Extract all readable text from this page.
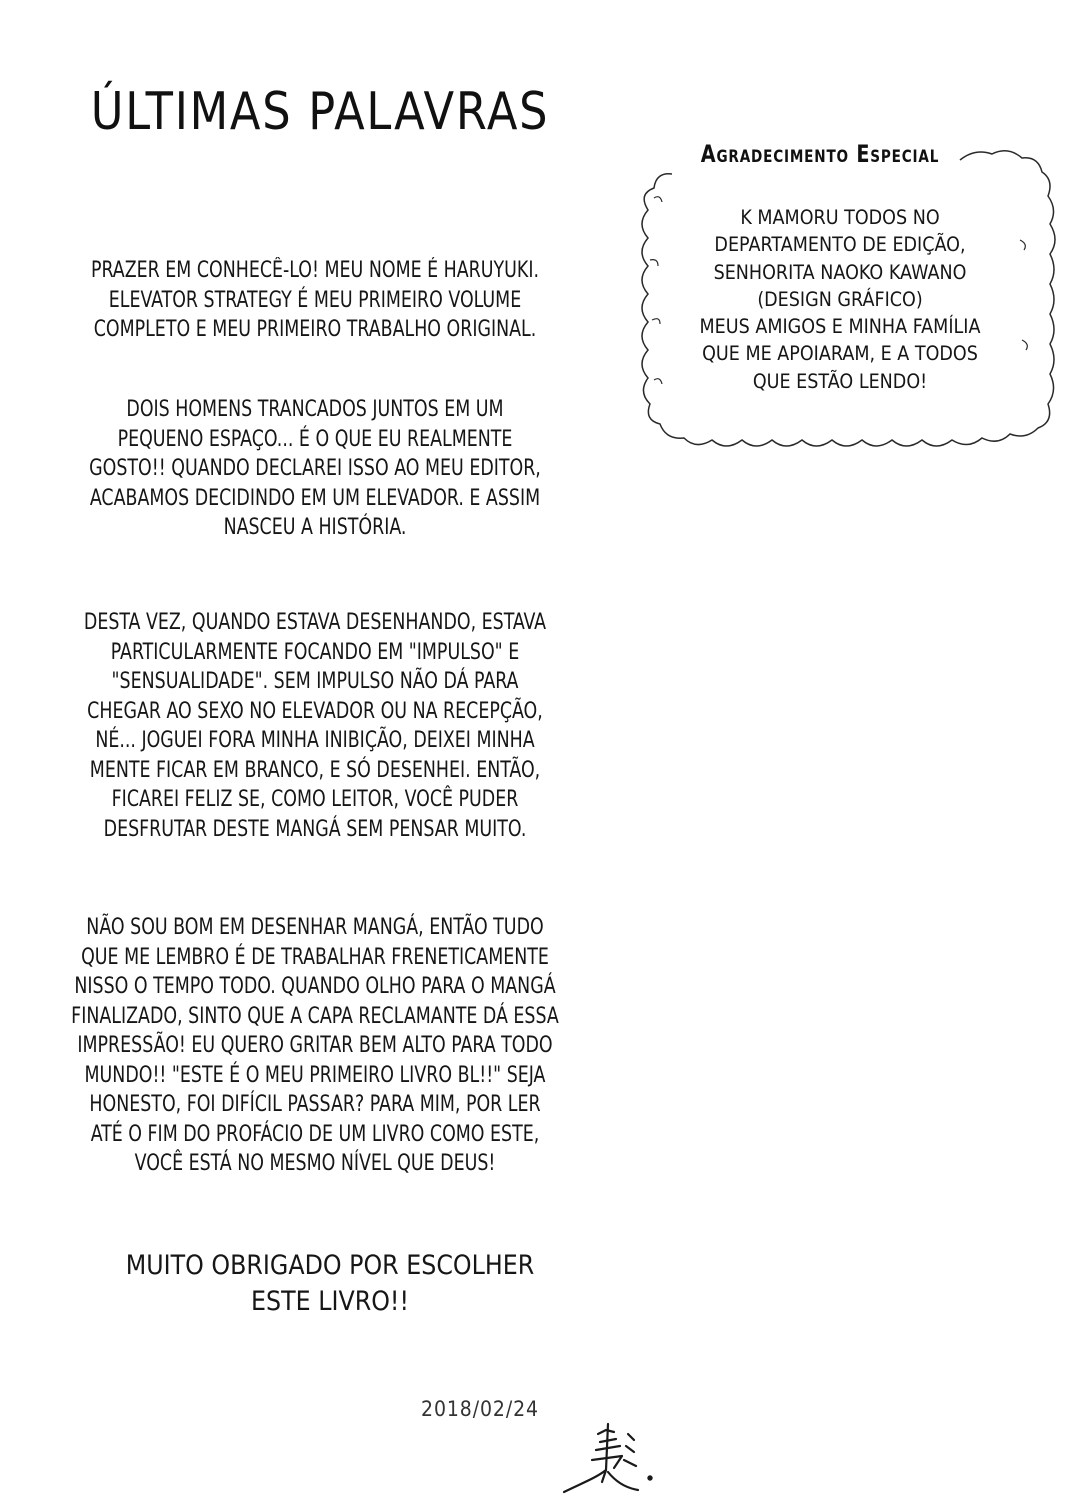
ÚLTIMAS PALAVRAS
PRAZER EM CONHECÊ-LO! MEU NOME É HARUYUKI.
ELEVATOR STRATEGY É MEU PRIMEIRO VOLUME
COMPLETO E MEU PRIMEIRO TRABALHO ORIGINAL.
DOIS HOMENS TRANCADOS JUNTOS EM UM
PEQUENO ESPAÇO... É O QUE EU REALMENTE
GOSTO!! QUANDO DECLAREI ISSO AO MEU EDITOR,
ACABAMOS DECIDINDO EM UM ELEVADOR. E ASSIM
NASCEU A HISTÓRIA.
DESTA VEZ, QUANDO ESTAVA DESENHANDO, ESTAVA
PARTICULARMENTE FOCANDO EM "IMPULSO" E
"SENSUALIDADE". SEM IMPULSO NÃO DÁ PARA
CHEGAR AO SEXO NO ELEVADOR OU NA RECEPÇÃO,
NÉ... JOGUEI FORA MINHA INIBIÇÃO, DEIXEI MINHA
MENTE FICAR EM BRANCO, E SÓ DESENHEI. ENTÃO,
FICAREI FELIZ SE, COMO LEITOR, VOCÊ PUDER
DESFRUTAR DESTE MANGÁ SEM PENSAR MUITO.
NÃO SOU BOM EM DESENHAR MANGÁ, ENTÃO TUDO
QUE ME LEMBRO É DE TRABALHAR FRENETICAMENTE
NISSO O TEMPO TODO. QUANDO OLHO PARA O MANGÁ
FINALIZADO, SINTO QUE A CAPA RECLAMANTE DÁ ESSA
IMPRESSÃO! EU QUERO GRITAR BEM ALTO PARA TODO
MUNDO!! "ESTE É O MEU PRIMEIRO LIVRO BL!!" SEJA
HONESTO, FOI DIFÍCIL PASSAR? PARA MIM, POR LER
ATÉ O FIM DO PROFÁCIO DE UM LIVRO COMO ESTE,
VOCÊ ESTÁ NO MESMO NÍVEL QUE DEUS!
MUITO OBRIGADO POR ESCOLHER
ESTE LIVRO!!
2018/02/24
Agradecimento Especial
K MAMORU TODOS NO
DEPARTAMENTO DE EDIÇÃO,
SENHORITA NAOKO KAWANO
(DESIGN GRÁFICO)
MEUS AMIGOS E MINHA FAMÍLIA
QUE ME APOIARAM, E A TODOS
QUE ESTÃO LENDO!
